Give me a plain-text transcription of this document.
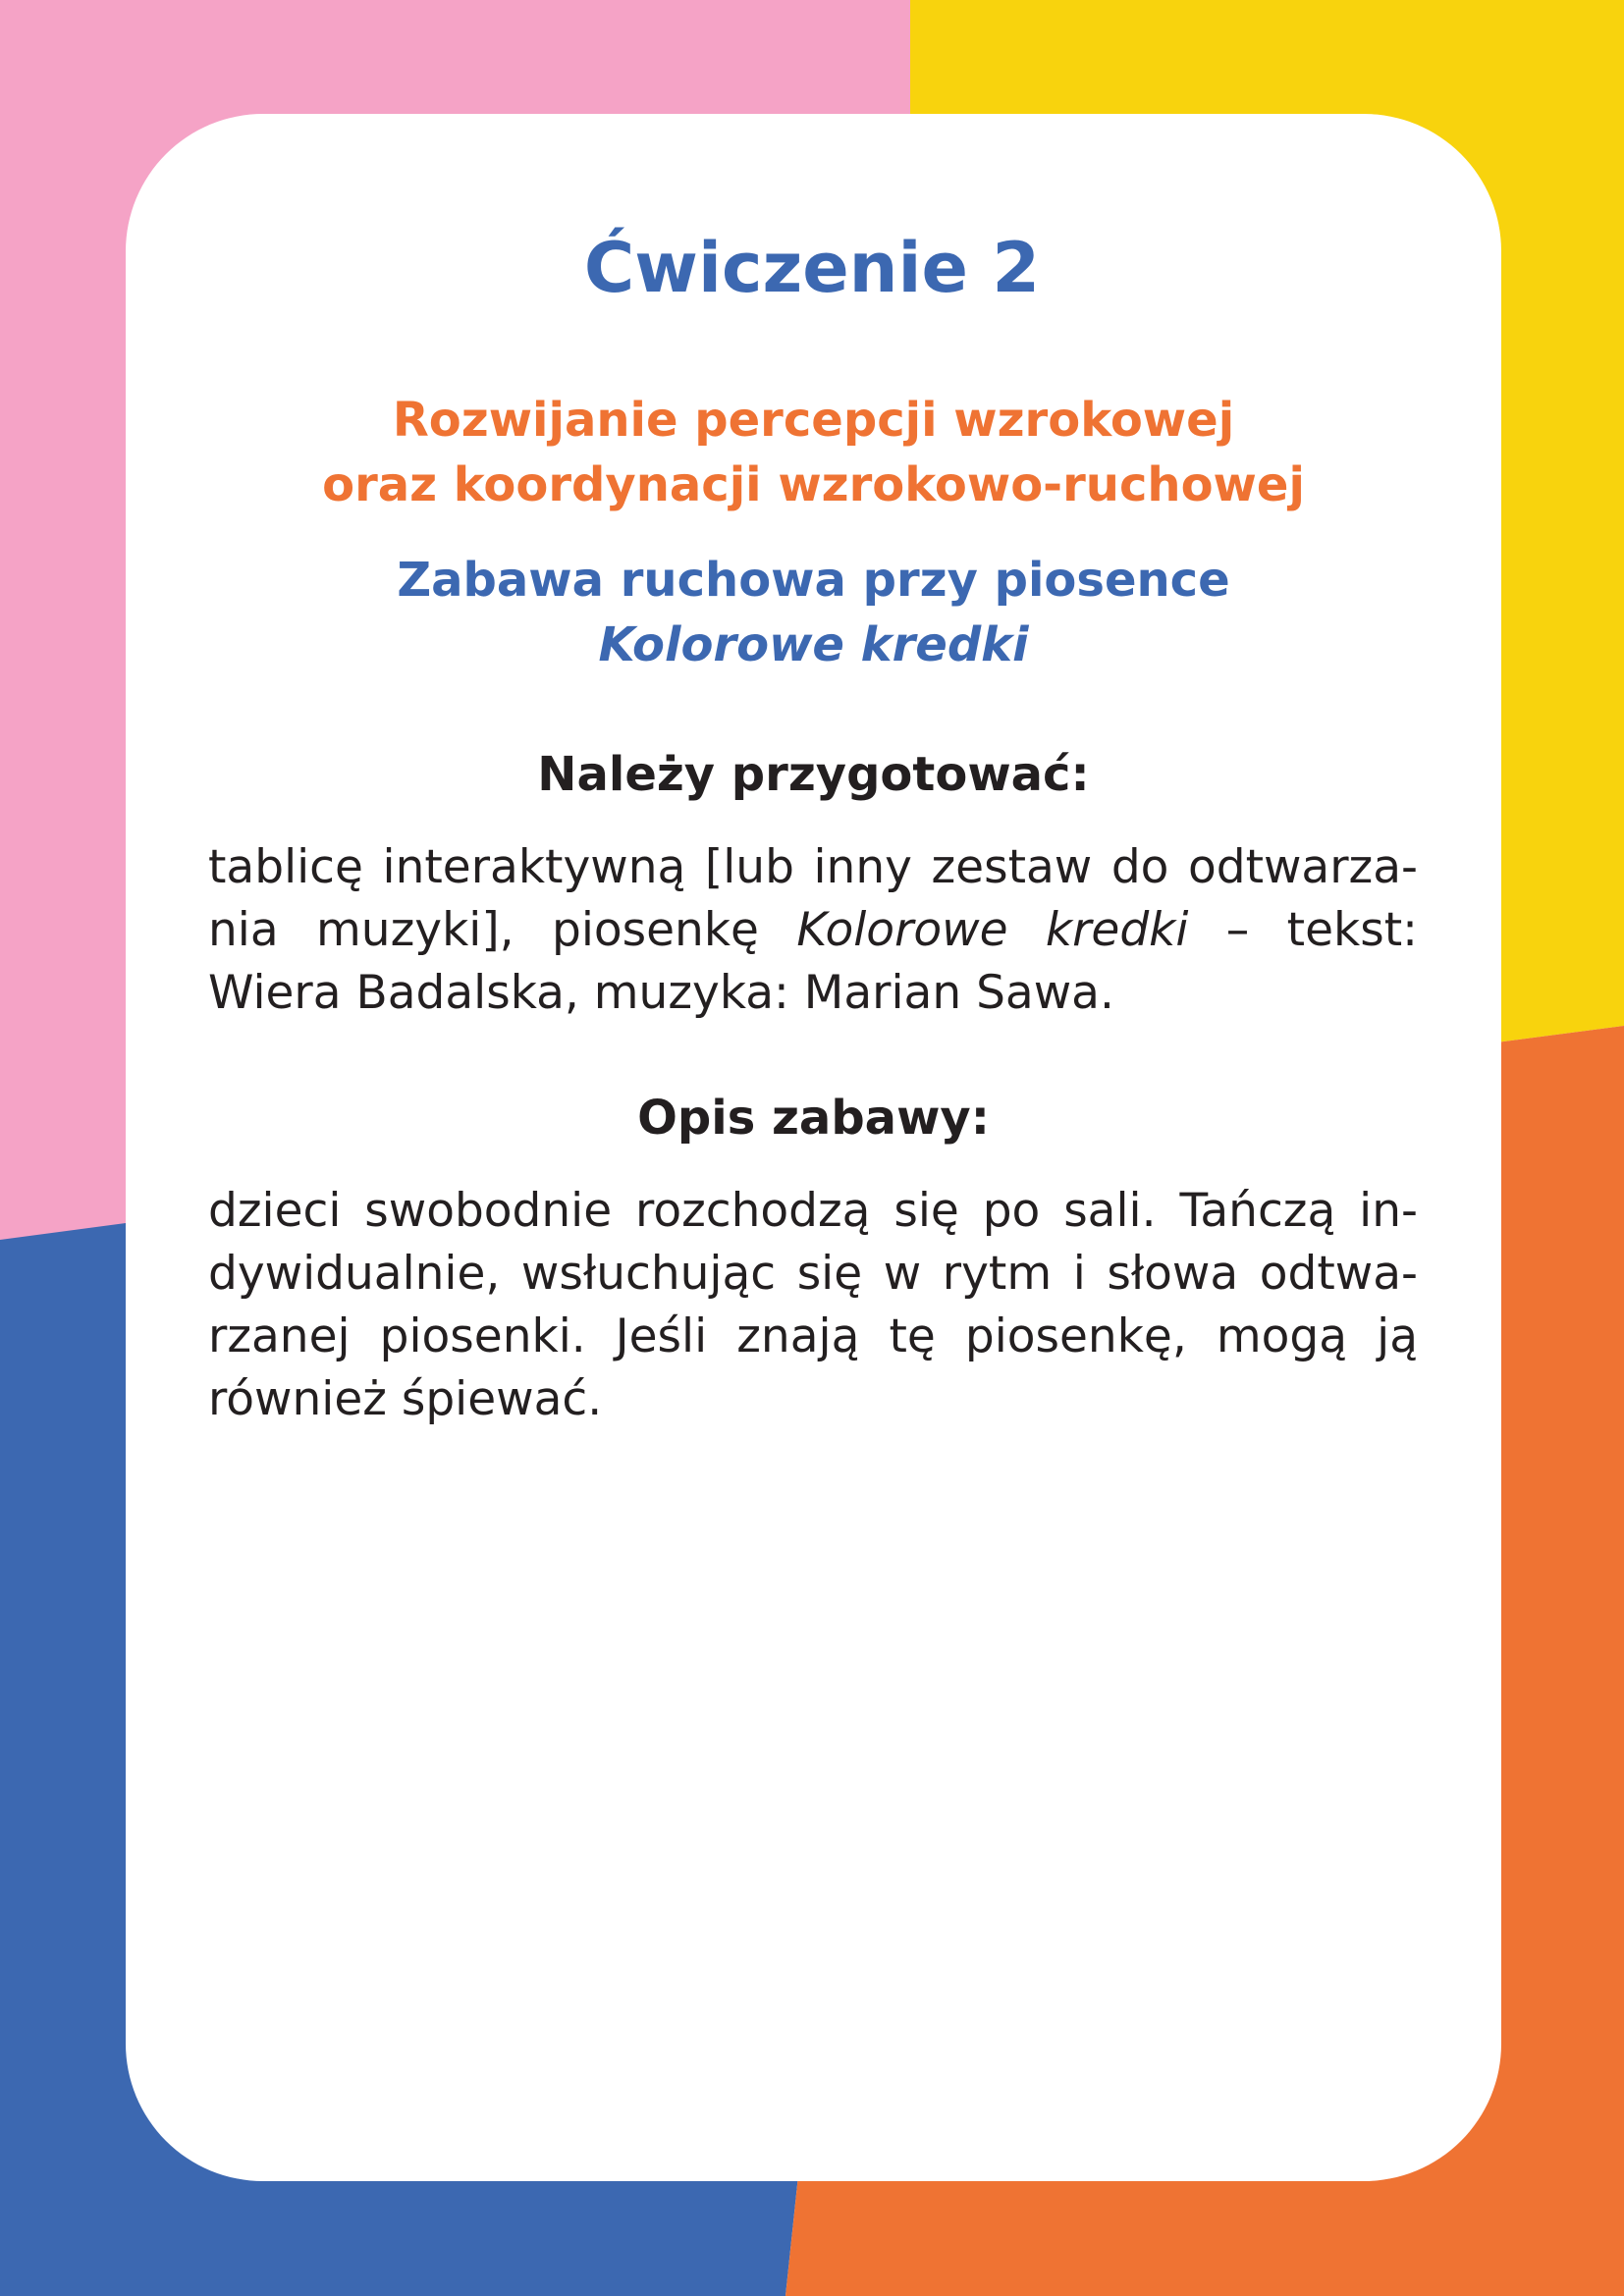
Ćwiczenie 2
Rozwijanie percepcji wzrokowej
oraz koordynacji wzrokowo-ruchowej
Zabawa ruchowa przy piosence
Kolorowe kredki
Należy przygotować:

tablicę interaktywną [lub inny zestaw do odtwarzania muzyki], piosenkę Kolorowe kredki – tekst: Wiera Badalska, muzyka: Marian Sawa.

Opis zabawy:

dzieci swobodnie rozchodzą się po sali. Tańczą indywidualnie, wsłuchując się w rytm i słowa odtwarzanej piosenki. Jeśli znają tę piosenkę, mogą ją również śpiewać.
